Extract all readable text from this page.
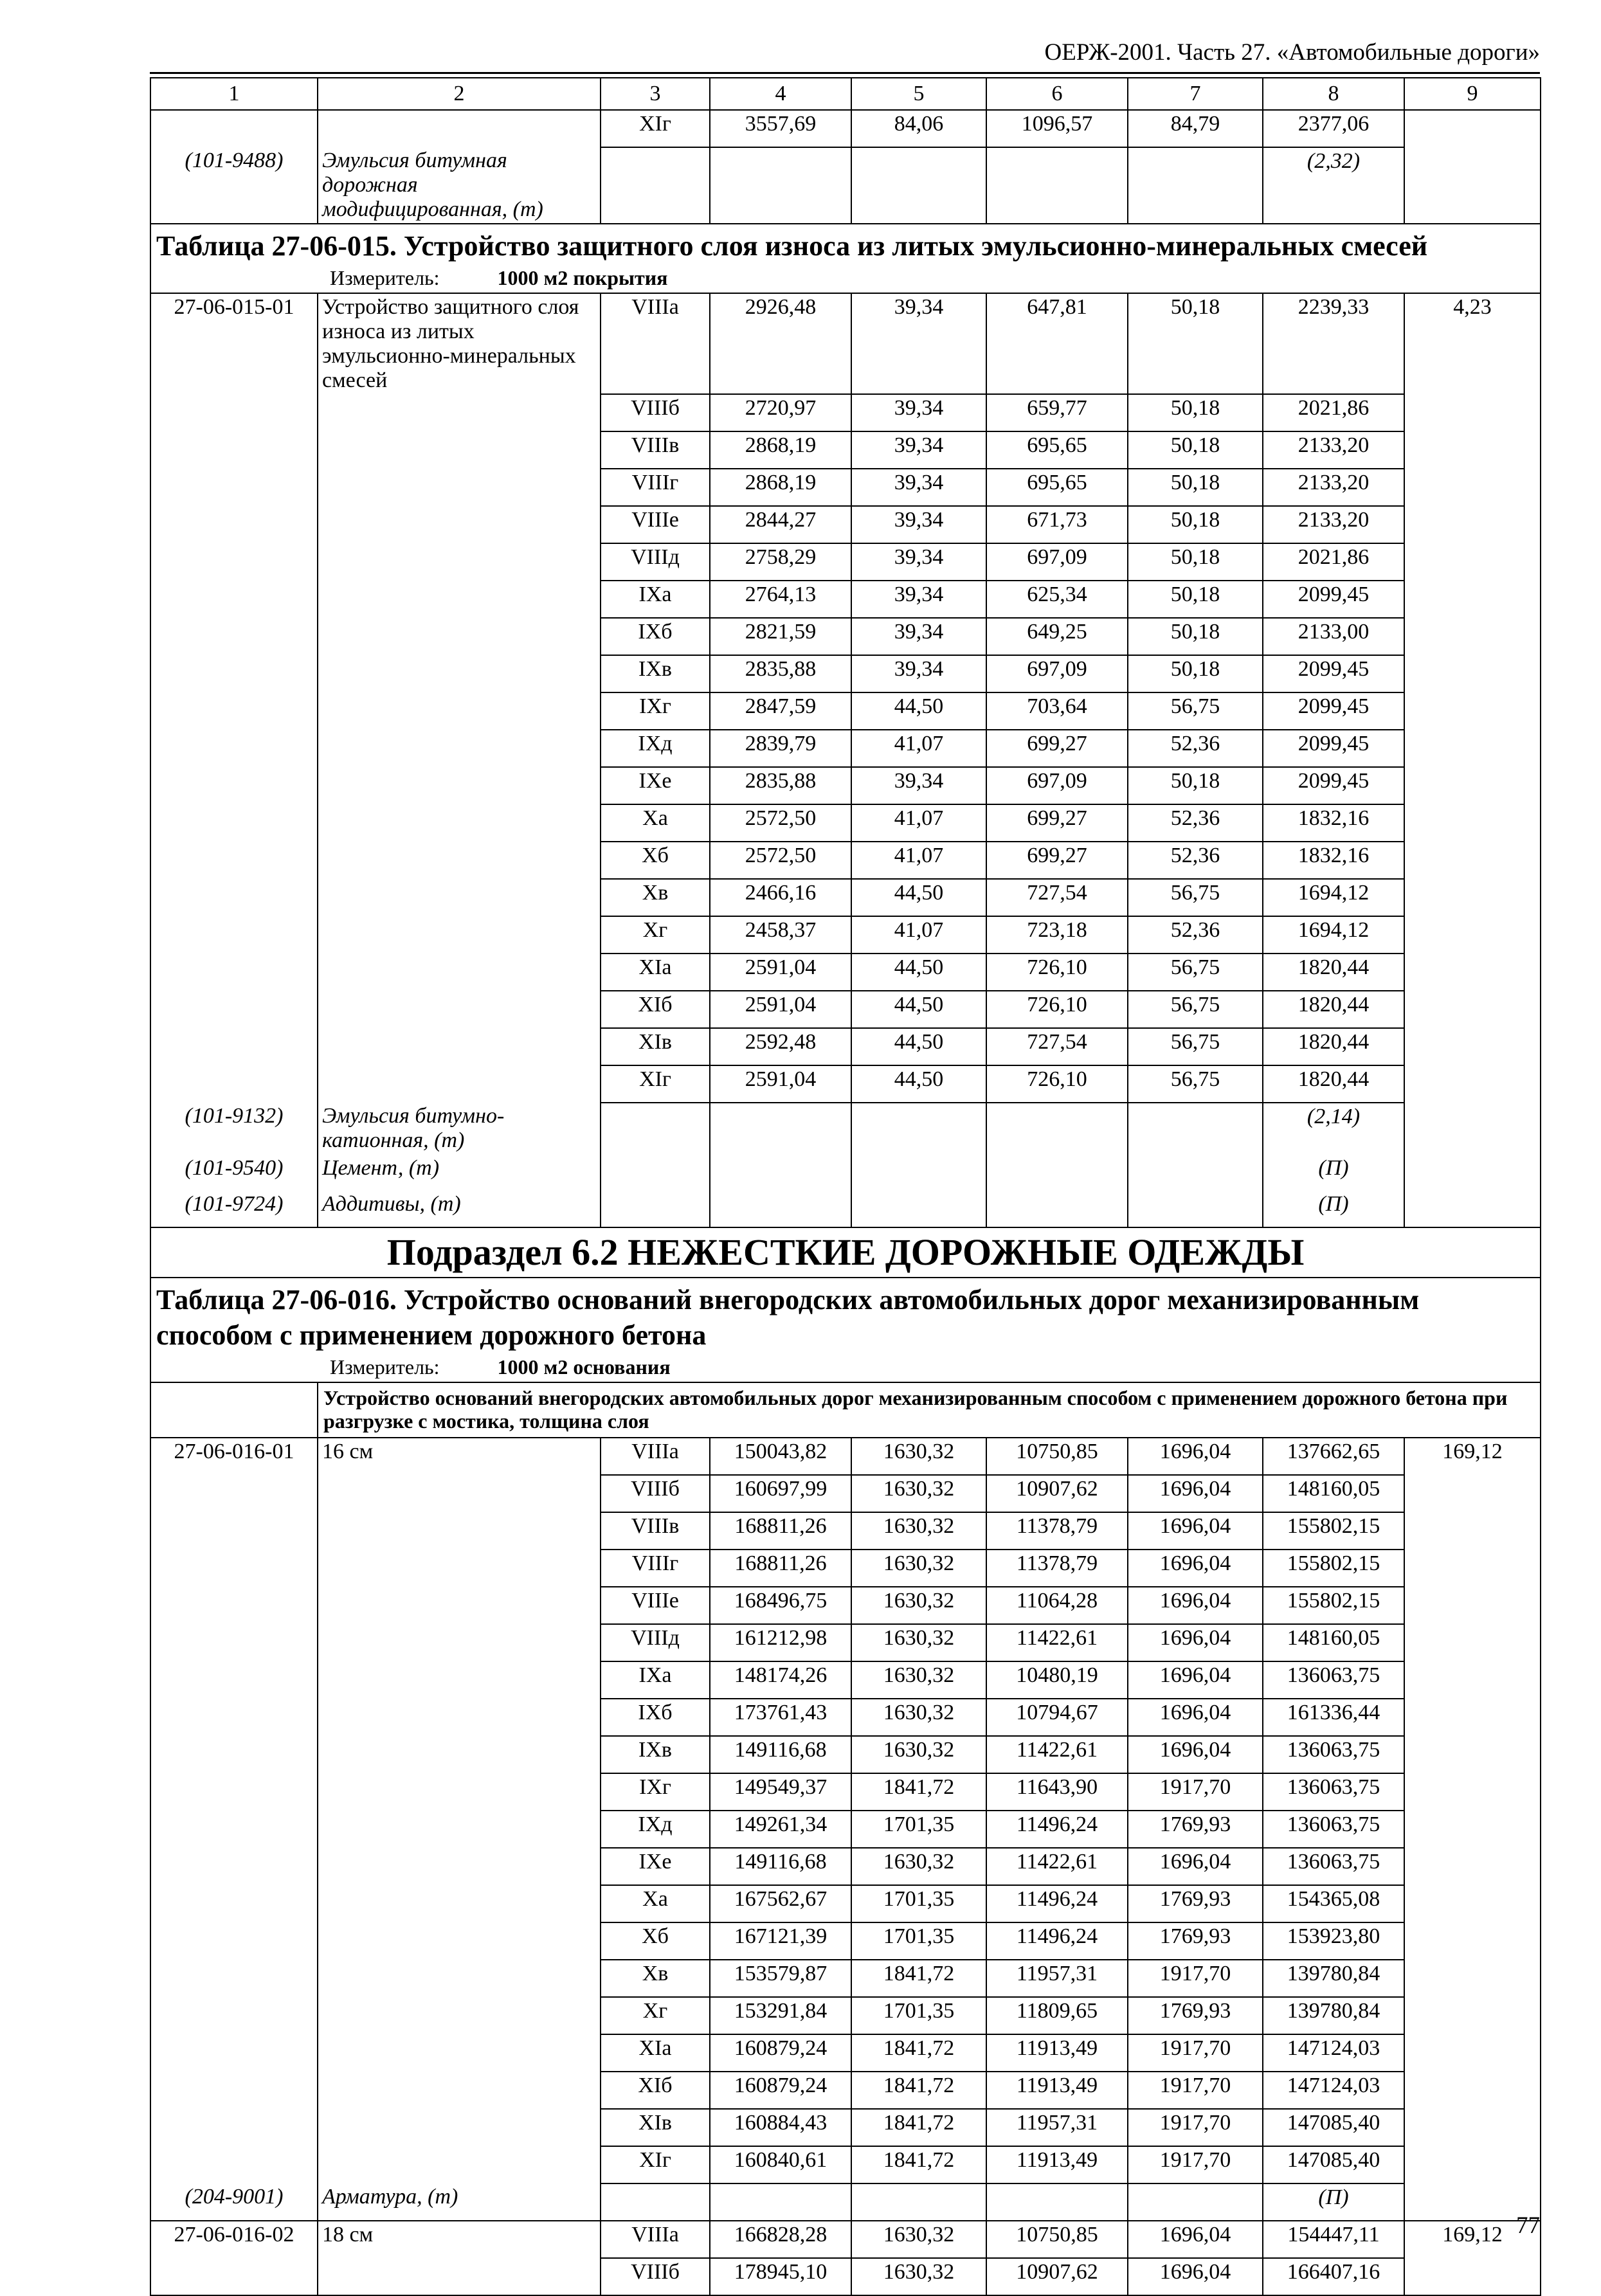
ОЕРЖ-2001. Часть 27. «Автомобильные дороги»
1	2	3	4	5	6	7	8	9
		XIг	3557,69	84,06	1096,57	84,79	2377,06	
(101-9488)	Эмульсия битумная дорожная модифицированная, (т)						(2,32)	
Таблица 27-06-015. Устройство защитного слоя износа из литых эмульсионно-минеральных смесей
Измеритель: 1000 м2 покрытия								

27-06-015-01	Устройство защитного слоя износа из литых эмульсионно-минеральных смесей	VIIIа	2926,48	39,34	647,81	50,18	2239,33	4,23
		VIIIб	2720,97	39,34	659,77	50,18	2021,86	
		VIIIв	2868,19	39,34	695,65	50,18	2133,20	
		VIIIг	2868,19	39,34	695,65	50,18	2133,20	
		VIIIе	2844,27	39,34	671,73	50,18	2133,20	
		VIIIд	2758,29	39,34	697,09	50,18	2021,86	
		IXа	2764,13	39,34	625,34	50,18	2099,45	
		IXб	2821,59	39,34	649,25	50,18	2133,00	
		IXв	2835,88	39,34	697,09	50,18	2099,45	
		IXг	2847,59	44,50	703,64	56,75	2099,45	
		IXд	2839,79	41,07	699,27	52,36	2099,45	
		IXе	2835,88	39,34	697,09	50,18	2099,45	
		Xа	2572,50	41,07	699,27	52,36	1832,16	
		Xб	2572,50	41,07	699,27	52,36	1832,16	
		Xв	2466,16	44,50	727,54	56,75	1694,12	
		Xг	2458,37	41,07	723,18	52,36	1694,12	
		XIа	2591,04	44,50	726,10	56,75	1820,44	
		XIб	2591,04	44,50	726,10	56,75	1820,44	
		XIв	2592,48	44,50	727,54	56,75	1820,44	
		XIг	2591,04	44,50	726,10	56,75	1820,44	
(101-9132)	Эмульсия битумно-катионная, (т)						(2,14)	
(101-9540)	Цемент, (т)						(П)	
(101-9724)	Аддитивы, (т)						(П)	
Подраздел 6.2 НЕЖЕСТКИЕ ДОРОЖНЫЕ ОДЕЖДЫ								
Таблица 27-06-016. Устройство оснований внегородских автомобильных дорог механизированным способом с применением дорожного бетона
Измеритель: 1000 м2 основания								

	Устройство оснований внегородских автомобильных дорог механизированным способом с применением дорожного бетона при разгрузке с мостика, толщина слоя							
27-06-016-01	16 см	VIIIа	150043,82	1630,32	10750,85	1696,04	137662,65	169,12
		VIIIб	160697,99	1630,32	10907,62	1696,04	148160,05	
		VIIIв	168811,26	1630,32	11378,79	1696,04	155802,15	
		VIIIг	168811,26	1630,32	11378,79	1696,04	155802,15	
		VIIIе	168496,75	1630,32	11064,28	1696,04	155802,15	
		VIIIд	161212,98	1630,32	11422,61	1696,04	148160,05	
		IXа	148174,26	1630,32	10480,19	1696,04	136063,75	
		IXб	173761,43	1630,32	10794,67	1696,04	161336,44	
		IXв	149116,68	1630,32	11422,61	1696,04	136063,75	
		IXг	149549,37	1841,72	11643,90	1917,70	136063,75	
		IXд	149261,34	1701,35	11496,24	1769,93	136063,75	
		IXе	149116,68	1630,32	11422,61	1696,04	136063,75	
		Xа	167562,67	1701,35	11496,24	1769,93	154365,08	
		Xб	167121,39	1701,35	11496,24	1769,93	153923,80	
		Xв	153579,87	1841,72	11957,31	1917,70	139780,84	
		Xг	153291,84	1701,35	11809,65	1769,93	139780,84	
		XIа	160879,24	1841,72	11913,49	1917,70	147124,03	
		XIб	160879,24	1841,72	11913,49	1917,70	147124,03	
		XIв	160884,43	1841,72	11957,31	1917,70	147085,40	
		XIг	160840,61	1841,72	11913,49	1917,70	147085,40	
(204-9001)	Арматура, (т)						(П)	
27-06-016-02	18 см	VIIIа	166828,28	1630,32	10750,85	1696,04	154447,11	169,12
		VIIIб	178945,10	1630,32	10907,62	1696,04	166407,16	
77
